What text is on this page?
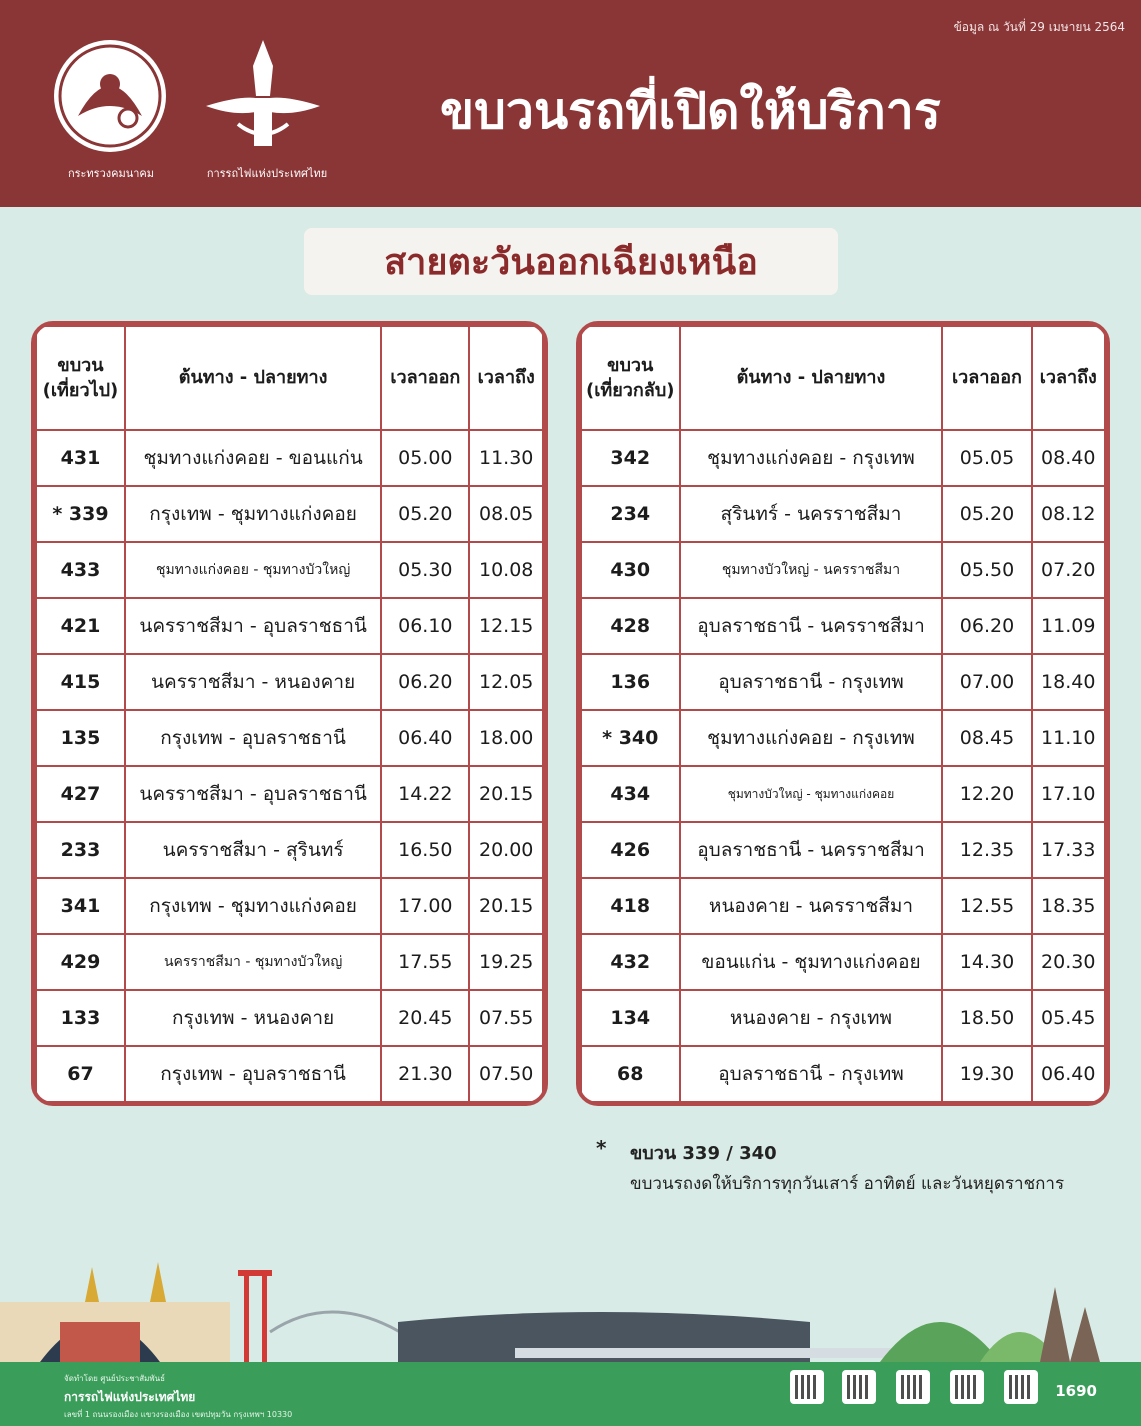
ข้อมูล ณ วันที่ 29 เมษายน 2564
กระทรวงคมนาคม	การรถไฟแห่งประเทศไทย
ขบวนรถที่เปิดให้บริการ
สายตะวันออกเฉียงเหนือ
ขบวน
(เที่ยวไป)	ต้นทาง - ปลายทาง	เวลาออก	เวลาถึง
431	ชุมทางแก่งคอย - ขอนแก่น	05.00	11.30
* 339	กรุงเทพ - ชุมทางแก่งคอย	05.20	08.05
433	ชุมทางแก่งคอย - ชุมทางบัวใหญ่	05.30	10.08
421	นครราชสีมา - อุบลราชธานี	06.10	12.15
415	นครราชสีมา - หนองคาย	06.20	12.05
135	กรุงเทพ - อุบลราชธานี	06.40	18.00
427	นครราชสีมา - อุบลราชธานี	14.22	20.15
233	นครราชสีมา - สุรินทร์	16.50	20.00
341	กรุงเทพ - ชุมทางแก่งคอย	17.00	20.15
429	นครราชสีมา - ชุมทางบัวใหญ่	17.55	19.25
133	กรุงเทพ - หนองคาย	20.45	07.55
67	กรุงเทพ - อุบลราชธานี	21.30	07.50
ขบวน
(เที่ยวกลับ)	ต้นทาง - ปลายทาง	เวลาออก	เวลาถึง
342	ชุมทางแก่งคอย - กรุงเทพ	05.05	08.40
234	สุรินทร์ - นครราชสีมา	05.20	08.12
430	ชุมทางบัวใหญ่ - นครราชสีมา	05.50	07.20
428	อุบลราชธานี - นครราชสีมา	06.20	11.09
136	อุบลราชธานี - กรุงเทพ	07.00	18.40
* 340	ชุมทางแก่งคอย - กรุงเทพ	08.45	11.10
434	ชุมทางบัวใหญ่ - ชุมทางแก่งคอย	12.20	17.10
426	อุบลราชธานี - นครราชสีมา	12.35	17.33
418	หนองคาย - นครราชสีมา	12.55	18.35
432	ขอนแก่น - ชุมทางแก่งคอย	14.30	20.30
134	หนองคาย - กรุงเทพ	18.50	05.45
68	อุบลราชธานี - กรุงเทพ	19.30	06.40
* ขบวน 339 / 340
ขบวนรถงดให้บริการทุกวันเสาร์ อาทิตย์ และวันหยุดราชการ
จัดทำโดย ศูนย์ประชาสัมพันธ์
การรถไฟแห่งประเทศไทย
เลขที่ 1 ถนนรองเมือง แขวงรองเมือง เขตปทุมวัน กรุงเทพฯ 10330
1690
